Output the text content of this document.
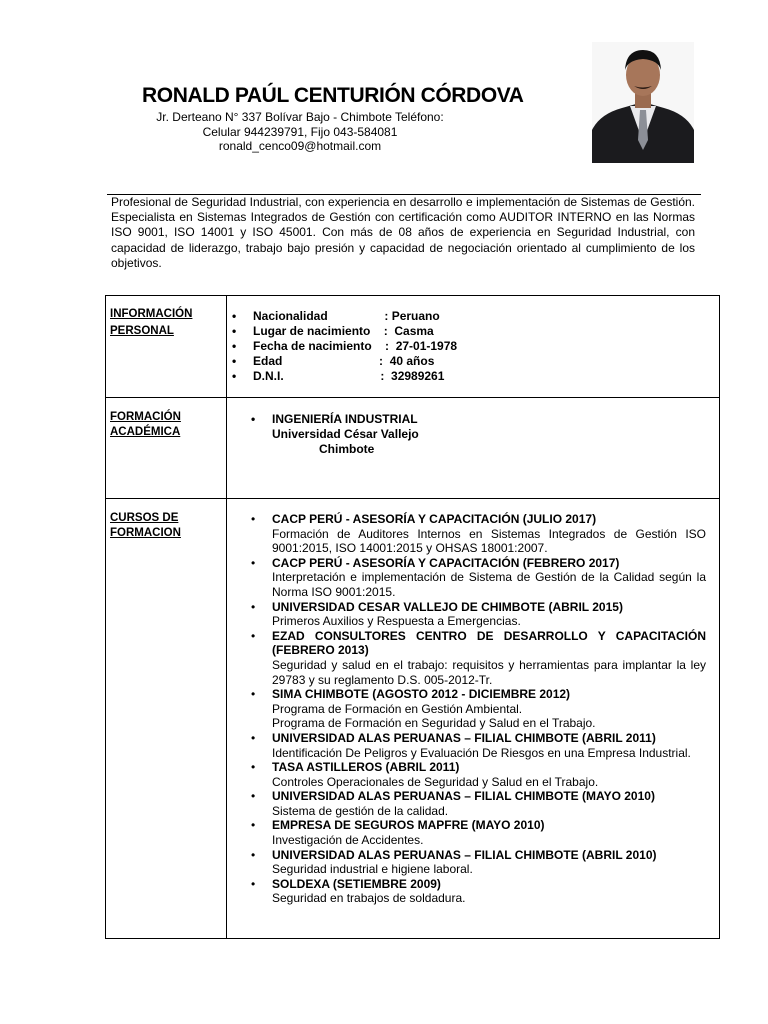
RONALD PAÚL CENTURIÓN CÓRDOVA
Jr. Derteano N° 337 Bolívar Bajo - Chimbote Teléfono:
Celular 944239791, Fijo 043-584081
ronald_cenco09@hotmail.com
Profesional de Seguridad Industrial, con experiencia en desarrollo e implementación de Sistemas de Gestión. Especialista en Sistemas Integrados de Gestión con certificación como AUDITOR INTERNO en las Normas ISO 9001, ISO 14001 y ISO 45001. Con más de 08 años de experiencia en Seguridad Industrial, con capacidad de liderazgo, trabajo bajo presión y capacidad de negociación orientado al cumplimiento de los objetivos.
INFORMACIÓN
PERSONAL
• Nacionalidad                 : Peruano
• Lugar de nacimiento    :  Casma
• Fecha de nacimiento    :  27-01-1978
• Edad                             :  40 años
• D.N.I.                             :  32989261
FORMACIÓN
ACADÉMICA
• INGENIERÍA INDUSTRIAL
Universidad César Vallejo
Chimbote
CURSOS DE
FORMACION
• CACP PERÚ - ASESORÍA Y CAPACITACIÓN (JULIO 2017)
Formación de Auditores Internos en Sistemas Integrados de Gestión ISO 9001:2015, ISO 14001:2015 y OHSAS 18001:2007.
• CACP PERÚ - ASESORÍA Y CAPACITACIÓN (FEBRERO 2017)
Interpretación e implementación de Sistema de Gestión de la Calidad según la Norma ISO 9001:2015.
• UNIVERSIDAD CESAR VALLEJO DE CHIMBOTE (ABRIL 2015)
Primeros Auxilios y Respuesta a Emergencias.
• EZAD CONSULTORES CENTRO DE DESARROLLO Y CAPACITACIÓN (FEBRERO 2013)
Seguridad y salud en el trabajo: requisitos y herramientas para implantar la ley 29783 y su reglamento D.S. 005-2012-Tr.
• SIMA CHIMBOTE (AGOSTO 2012 - DICIEMBRE 2012)
Programa de Formación en Gestión Ambiental.
Programa de Formación en Seguridad y Salud en el Trabajo.
• UNIVERSIDAD ALAS PERUANAS – FILIAL CHIMBOTE (ABRIL 2011)
Identificación De Peligros y Evaluación De Riesgos en una Empresa Industrial.
• TASA ASTILLEROS (ABRIL 2011)
Controles Operacionales de Seguridad y Salud en el Trabajo.
• UNIVERSIDAD ALAS PERUANAS – FILIAL CHIMBOTE (MAYO 2010)
Sistema de gestión de la calidad.
• EMPRESA DE SEGUROS MAPFRE (MAYO 2010)
Investigación de Accidentes.
• UNIVERSIDAD ALAS PERUANAS – FILIAL CHIMBOTE (ABRIL 2010)
Seguridad industrial e higiene laboral.
• SOLDEXA (SETIEMBRE 2009)
Seguridad en trabajos de soldadura.
